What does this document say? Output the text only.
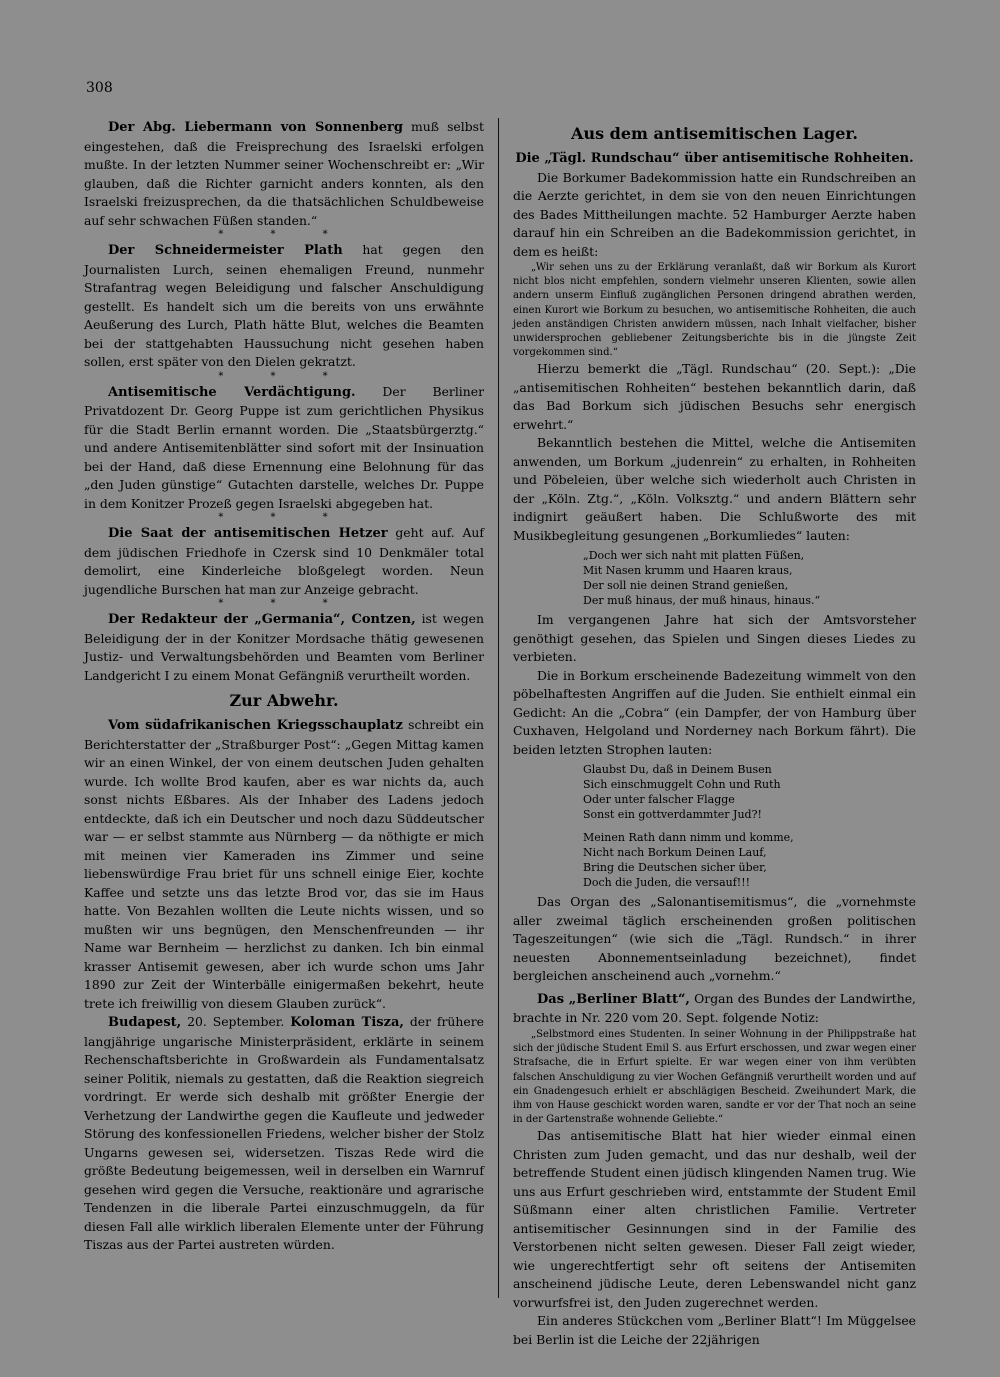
308

Der Abg. Liebermann von Sonnenberg muß selbst eingestehen, daß die Freisprechung des Israelski erfolgen mußte. In der letzten Nummer seiner Wochenschreibt er: „Wir glauben, daß die Richter garnicht anders konnten, als den Israelski freizusprechen, da die thatsächlichen Schuldbeweise auf sehr schwachen Füßen standen.“

* * *

Der Schneidermeister Plath hat gegen den Journalisten Lurch, seinen ehemaligen Freund, nunmehr Strafantrag wegen Beleidigung und falscher Anschuldigung gestellt. Es handelt sich um die bereits von uns erwähnte Aeußerung des Lurch, Plath hätte Blut, welches die Beamten bei der stattgehabten Haussuchung nicht gesehen haben sollen, erst später von den Dielen gekratzt.

* * *

Antisemitische Verdächtigung. Der Berliner Privatdozent Dr. Georg Puppe ist zum gerichtlichen Physikus für die Stadt Berlin ernannt worden. Die „Staatsbürgerztg.“ und andere Antisemitenblätter sind sofort mit der Insinuation bei der Hand, daß diese Ernennung eine Belohnung für das „den Juden günstige“ Gutachten darstelle, welches Dr. Puppe in dem Konitzer Prozeß gegen Israelski abgegeben hat.

* * *

Die Saat der antisemitischen Hetzer geht auf. Auf dem jüdischen Friedhofe in Czersk sind 10 Denkmäler total demolirt, eine Kinderleiche bloßgelegt worden. Neun jugendliche Burschen hat man zur Anzeige gebracht.

* * *

Der Redakteur der „Germania“, Contzen, ist wegen Beleidigung der in der Konitzer Mordsache thätig gewesenen Justiz- und Verwaltungsbehörden und Beamten vom Berliner Landgericht I zu einem Monat Gefängniß verurtheilt worden.

Zur Abwehr.

Vom südafrikanischen Kriegsschauplatz schreibt ein Berichterstatter der „Straßburger Post“: „Gegen Mittag kamen wir an einen Winkel, der von einem deutschen Juden gehalten wurde. Ich wollte Brod kaufen, aber es war nichts da, auch sonst nichts Eßbares. Als der Inhaber des Ladens jedoch entdeckte, daß ich ein Deutscher und noch dazu Süddeutscher war — er selbst stammte aus Nürnberg — da nöthigte er mich mit meinen vier Kameraden ins Zimmer und seine liebenswürdige Frau briet für uns schnell einige Eier, kochte Kaffee und setzte uns das letzte Brod vor, das sie im Haus hatte. Von Bezahlen wollten die Leute nichts wissen, und so mußten wir uns begnügen, den Menschenfreunden — ihr Name war Bernheim — herzlichst zu danken. Ich bin einmal krasser Antisemit gewesen, aber ich wurde schon ums Jahr 1890 zur Zeit der Winterbälle einigermaßen bekehrt, heute trete ich freiwillig von diesem Glauben zurück“.

Budapest, 20. September. Koloman Tisza, der frühere langjährige ungarische Ministerpräsident, erklärte in seinem Rechenschaftsberichte in Großwardein als Fundamentalsatz seiner Politik, niemals zu gestatten, daß die Reaktion siegreich vordringt. Er werde sich deshalb mit größter Energie der Verhetzung der Landwirthe gegen die Kaufleute und jedweder Störung des konfessionellen Friedens, welcher bisher der Stolz Ungarns gewesen sei, widersetzen. Tiszas Rede wird die größte Bedeutung beigemessen, weil in derselben ein Warnruf gesehen wird gegen die Versuche, reaktionäre und agrarische Tendenzen in die liberale Partei einzuschmuggeln, da für diesen Fall alle wirklich liberalen Elemente unter der Führung Tiszas aus der Partei austreten würden.

Aus dem antisemitischen Lager.

Die „Tägl. Rundschau“ über antisemitische Rohheiten.

Die Borkumer Badekommission hatte ein Rundschreiben an die Aerzte gerichtet, in dem sie von den neuen Einrichtungen des Bades Mittheilungen machte. 52 Hamburger Aerzte haben darauf hin ein Schreiben an die Badekommission gerichtet, in dem es heißt:

„Wir sehen uns zu der Erklärung veranlaßt, daß wir Borkum als Kurort nicht blos nicht empfehlen, sondern vielmehr unseren Klienten, sowie allen andern unserm Einfluß zugänglichen Personen dringend abrathen werden, einen Kurort wie Borkum zu besuchen, wo antisemitische Rohheiten, die auch jeden anständigen Christen anwidern müssen, nach Inhalt vielfacher, bisher unwidersprochen gebliebener Zeitungsberichte bis in die jüngste Zeit vorgekommen sind.“

Hierzu bemerkt die „Tägl. Rundschau“ (20. Sept.): „Die „antisemitischen Rohheiten“ bestehen bekanntlich darin, daß das Bad Borkum sich jüdischen Besuchs sehr energisch erwehrt.“

Bekanntlich bestehen die Mittel, welche die Antisemiten anwenden, um Borkum „judenrein“ zu erhalten, in Rohheiten und Pöbeleien, über welche sich wiederholt auch Christen in der „Köln. Ztg.“, „Köln. Volksztg.“ und andern Blättern sehr indignirt geäußert haben. Die Schlußworte des mit Musikbegleitung gesungenen „Borkumliedes“ lauten:

„Doch wer sich naht mit platten Füßen,
Mit Nasen krumm und Haaren kraus,
Der soll nie deinen Strand genießen,
Der muß hinaus, der muß hinaus, hinaus.“

Im vergangenen Jahre hat sich der Amtsvorsteher genöthigt gesehen, das Spielen und Singen dieses Liedes zu verbieten.

Die in Borkum erscheinende Badezeitung wimmelt von den pöbelhaftesten Angriffen auf die Juden. Sie enthielt einmal ein Gedicht: An die „Cobra“ (ein Dampfer, der von Hamburg über Cuxhaven, Helgoland und Norderney nach Borkum fährt). Die beiden letzten Strophen lauten:

Glaubst Du, daß in Deinem Busen
Sich einschmuggelt Cohn und Ruth
Oder unter falscher Flagge
Sonst ein gottverdammter Jud?!
Meinen Rath dann nimm und komme,
Nicht nach Borkum Deinen Lauf,
Bring die Deutschen sicher über,
Doch die Juden, die versauf!!!

Das Organ des „Salonantisemitismus“, die „vornehmste aller zweimal täglich erscheinenden großen politischen Tageszeitungen“ (wie sich die „Tägl. Rundsch.“ in ihrer neuesten Abonnementseinladung bezeichnet), findet bergleichen anscheinend auch „vornehm.“

Das „Berliner Blatt“, Organ des Bundes der Landwirthe, brachte in Nr. 220 vom 20. Sept. folgende Notiz:

„Selbstmord eines Studenten. In seiner Wohnung in der Philippstraße hat sich der jüdische Student Emil S. aus Erfurt erschossen, und zwar wegen einer Strafsache, die in Erfurt spielte. Er war wegen einer von ihm verübten falschen Anschuldigung zu vier Wochen Gefängniß verurtheilt worden und auf ein Gnadengesuch erhielt er abschlägigen Bescheid. Zweihundert Mark, die ihm von Hause geschickt worden waren, sandte er vor der That noch an seine in der Gartenstraße wohnende Geliebte.“

Das antisemitische Blatt hat hier wieder einmal einen Christen zum Juden gemacht, und das nur deshalb, weil der betreffende Student einen jüdisch klingenden Namen trug. Wie uns aus Erfurt geschrieben wird, entstammte der Student Emil Süßmann einer alten christlichen Familie. Vertreter antisemitischer Gesinnungen sind in der Familie des Verstorbenen nicht selten gewesen. Dieser Fall zeigt wieder, wie ungerechtfertigt sehr oft seitens der Antisemiten anscheinend jüdische Leute, deren Lebenswandel nicht ganz vorwurfsfrei ist, den Juden zugerechnet werden.

Ein anderes Stückchen vom „Berliner Blatt“! Im Müggelsee bei Berlin ist die Leiche der 22jährigen
